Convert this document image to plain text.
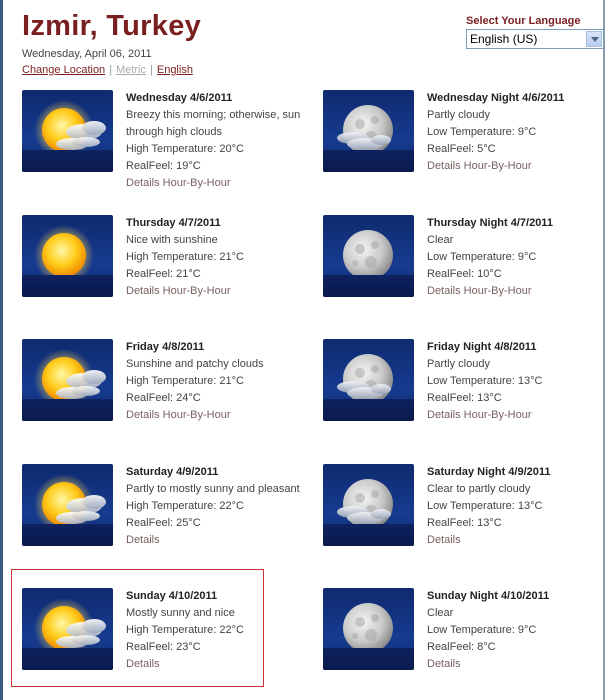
Izmir, Turkey
Wednesday, April 06, 2011
Change Location | Metric | English
Select Your Language
English (US)
Wednesday 4/6/2011
Breezy this morning; otherwise, sun
through high clouds
High Temperature: 20°C
RealFeel: 19°C
Details Hour-By-Hour
Wednesday Night 4/6/2011
Partly cloudy
Low Temperature: 9°C
RealFeel: 5°C
Details Hour-By-Hour
Thursday 4/7/2011
Nice with sunshine
High Temperature: 21°C
RealFeel: 21°C
Details Hour-By-Hour
Thursday Night 4/7/2011
Clear
Low Temperature: 9°C
RealFeel: 10°C
Details Hour-By-Hour
Friday 4/8/2011
Sunshine and patchy clouds
High Temperature: 21°C
RealFeel: 24°C
Details Hour-By-Hour
Friday Night 4/8/2011
Partly cloudy
Low Temperature: 13°C
RealFeel: 13°C
Details Hour-By-Hour
Saturday 4/9/2011
Partly to mostly sunny and pleasant
High Temperature: 22°C
RealFeel: 25°C
Details
Saturday Night 4/9/2011
Clear to partly cloudy
Low Temperature: 13°C
RealFeel: 13°C
Details
Sunday 4/10/2011
Mostly sunny and nice
High Temperature: 22°C
RealFeel: 23°C
Details
Sunday Night 4/10/2011
Clear
Low Temperature: 9°C
RealFeel: 8°C
Details
